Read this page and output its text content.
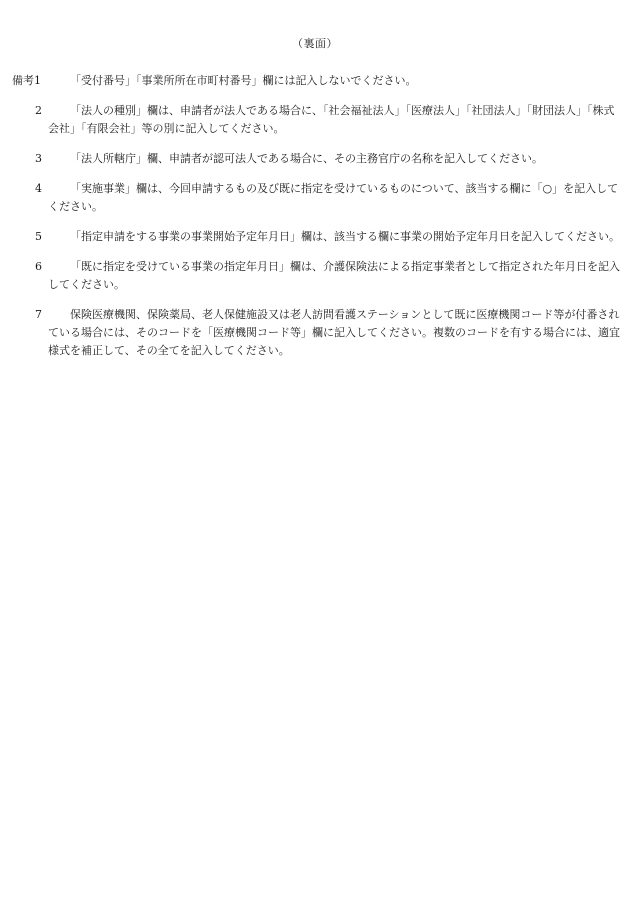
（裏面）
備考1	「受付番号」「事業所所在市町村番号」欄には記入しないでください。
2	「法人の種別」欄は、申請者が法人である場合に、「社会福祉法人」「医療法人」「社団法人」「財団法人」「株式会社」「有限会社」等の別に記入してください。
3	「法人所轄庁」欄、申請者が認可法人である場合に、その主務官庁の名称を記入してください。
4	「実施事業」欄は、今回申請するもの及び既に指定を受けているものについて、該当する欄に「○」を記入してください。
5	「指定申請をする事業の事業開始予定年月日」欄は、該当する欄に事業の開始予定年月日を記入してください。
6	「既に指定を受けている事業の指定年月日」欄は、介護保険法による指定事業者として指定された年月日を記入してください。
7	保険医療機関、保険薬局、老人保健施設又は老人訪問看護ステーションとして既に医療機関コード等が付番されている場合には、そのコードを「医療機関コード等」欄に記入してください。複数のコードを有する場合には、適宜様式を補正して、その全てを記入してください。
